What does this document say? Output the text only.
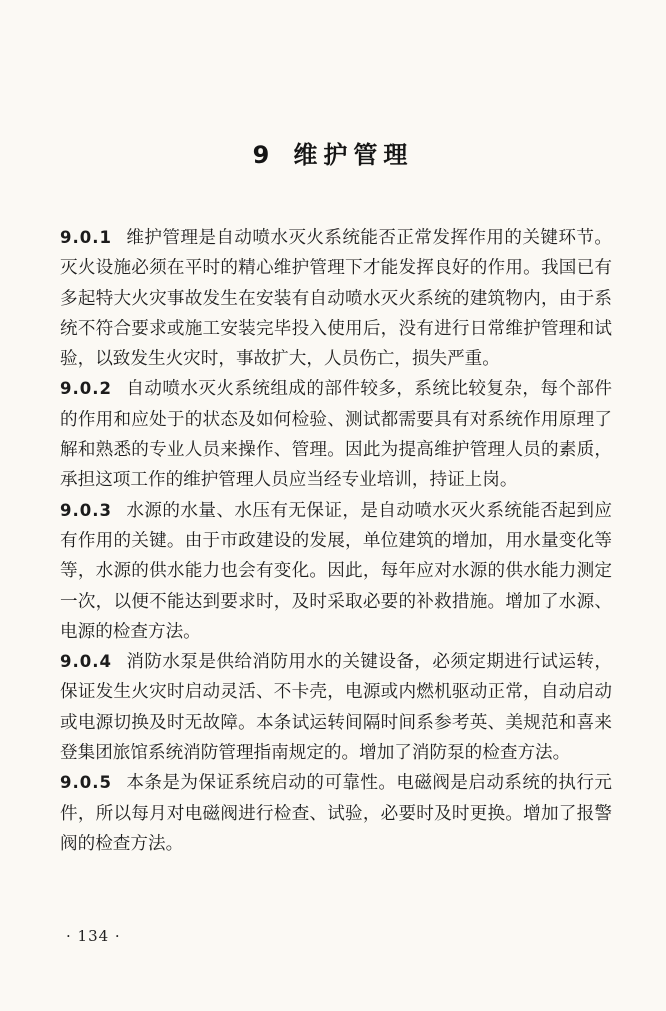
9 维护管理

9.0.1 维护管理是自动喷水灭火系统能否正常发挥作用的关键环节。灭火设施必须在平时的精心维护管理下才能发挥良好的作用。我国已有多起特大火灾事故发生在安装有自动喷水灭火系统的建筑物内，由于系统不符合要求或施工安装完毕投入使用后，没有进行日常维护管理和试验，以致发生火灾时，事故扩大，人员伤亡，损失严重。

9.0.2 自动喷水灭火系统组成的部件较多，系统比较复杂，每个部件的作用和应处于的状态及如何检验、测试都需要具有对系统作用原理了解和熟悉的专业人员来操作、管理。因此为提高维护管理人员的素质，承担这项工作的维护管理人员应当经专业培训，持证上岗。

9.0.3 水源的水量、水压有无保证，是自动喷水灭火系统能否起到应有作用的关键。由于市政建设的发展，单位建筑的增加，用水量变化等等，水源的供水能力也会有变化。因此，每年应对水源的供水能力测定一次，以便不能达到要求时，及时采取必要的补救措施。增加了水源、电源的检查方法。

9.0.4 消防水泵是供给消防用水的关键设备，必须定期进行试运转，保证发生火灾时启动灵活、不卡壳，电源或内燃机驱动正常，自动启动或电源切换及时无故障。本条试运转间隔时间系参考英、美规范和喜来登集团旅馆系统消防管理指南规定的。增加了消防泵的检查方法。

9.0.5 本条是为保证系统启动的可靠性。电磁阀是启动系统的执行元件，所以每月对电磁阀进行检查、试验，必要时及时更换。增加了报警阀的检查方法。

· 134 ·
